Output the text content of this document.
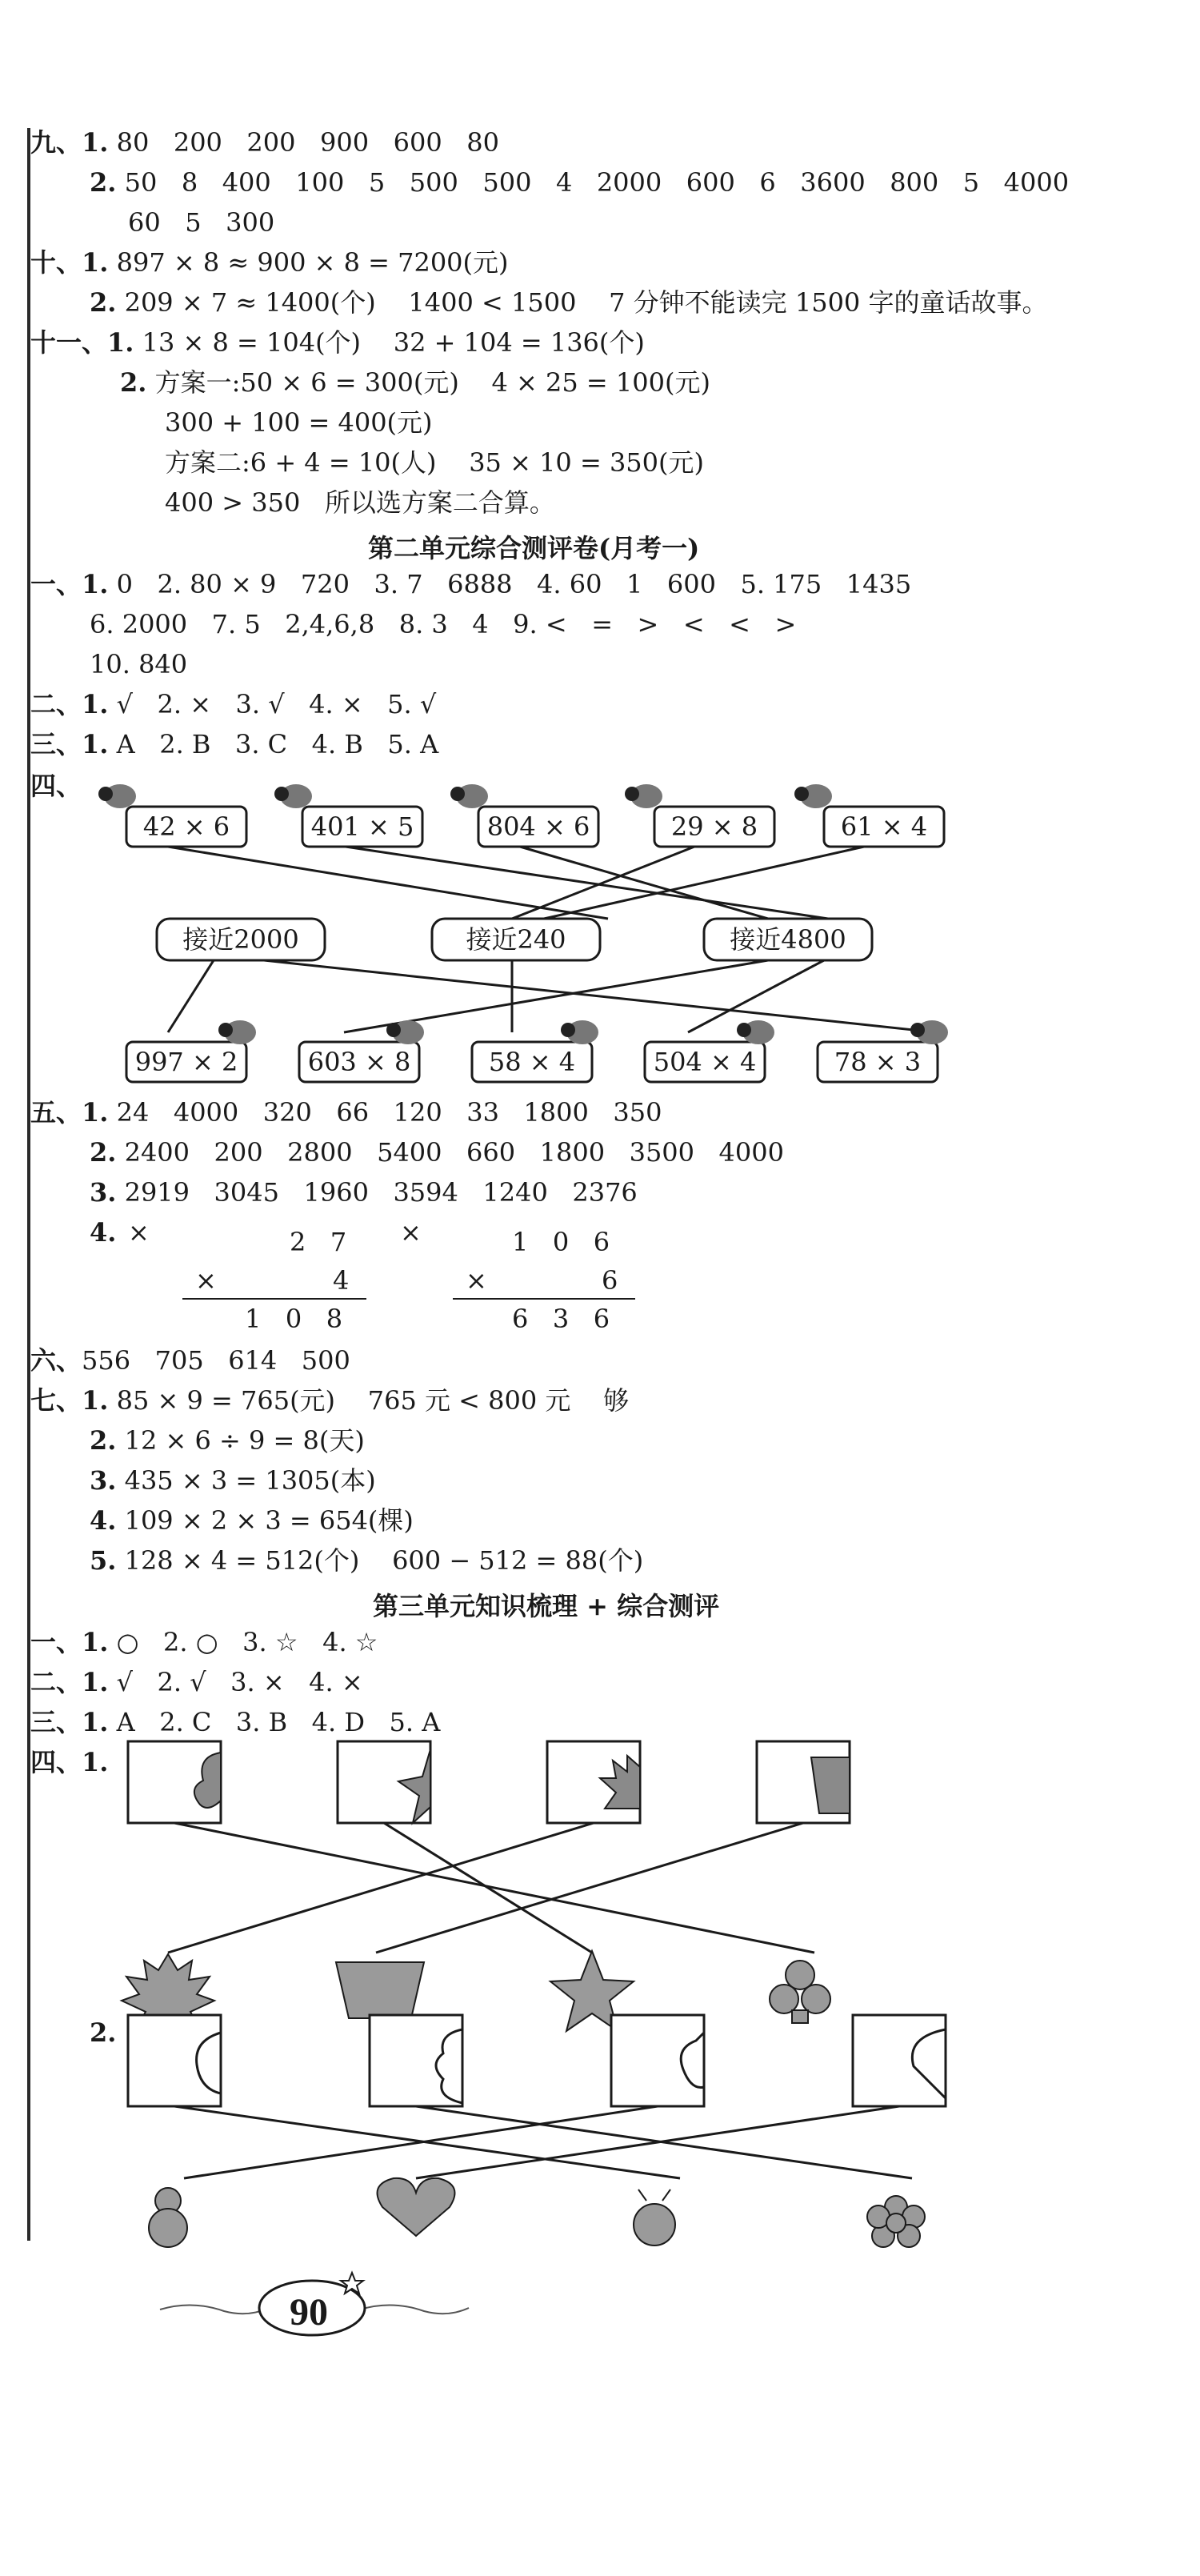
九、1. 80   200   200   900   600   80
2. 50   8   400   100   5   500   500   4   2000   600   6   3600   800   5   4000
60   5   300
十、1. 897 × 8 ≈ 900 × 8 = 7200(元)
2. 209 × 7 ≈ 1400(个)    1400 < 1500    7 分钟不能读完 1500 字的童话故事。
十一、1. 13 × 8 = 104(个)    32 + 104 = 136(个)
2. 方案一:50 × 6 = 300(元)    4 × 25 = 100(元)
300 + 100 = 400(元)
方案二:6 + 4 = 10(人)    35 × 10 = 350(元)
400 > 350   所以选方案二合算。
第二单元综合测评卷(月考一)
一、1. 0   2. 80 × 9   720   3. 7   6888   4. 60   1   600   5. 175   1435
6. 2000   7. 5   2,4,6,8   8. 3   4   9. <   =   >   <   <   >
10. 840
二、1. √   2. ×   3. √   4. ×   5. √
三、1. A   2. B   3. C   4. B   5. A
四、
42 × 6	401 × 5	804 × 6	29 × 8	61 × 4
接近2000	接近240	接近4800
997 × 2	603 × 8	58 × 4	504 × 4	78 × 3
五、1. 24   4000   320   66   120   33   1800   350
2. 2400   200   2800   5400   660   1800   3500   4000
3. 2919   3045   1960   3594   1240   2376
4. ×	×
2   7
×	4
1   0   8
1   0   6
×	6
6   3   6
六、556   705   614   500
七、1. 85 × 9 = 765(元)    765 元 < 800 元    够
2. 12 × 6 ÷ 9 = 8(天)
3. 435 × 3 = 1305(本)
4. 109 × 2 × 3 = 654(棵)
5. 128 × 4 = 512(个)    600 − 512 = 88(个)
第三单元知识梳理 + 综合测评
一、1. ○   2. ○   3. ☆   4. ☆
二、1. √   2. √   3. ×   4. ×
三、1. A   2. C   3. B   4. D   5. A
四、1.
2.
90
